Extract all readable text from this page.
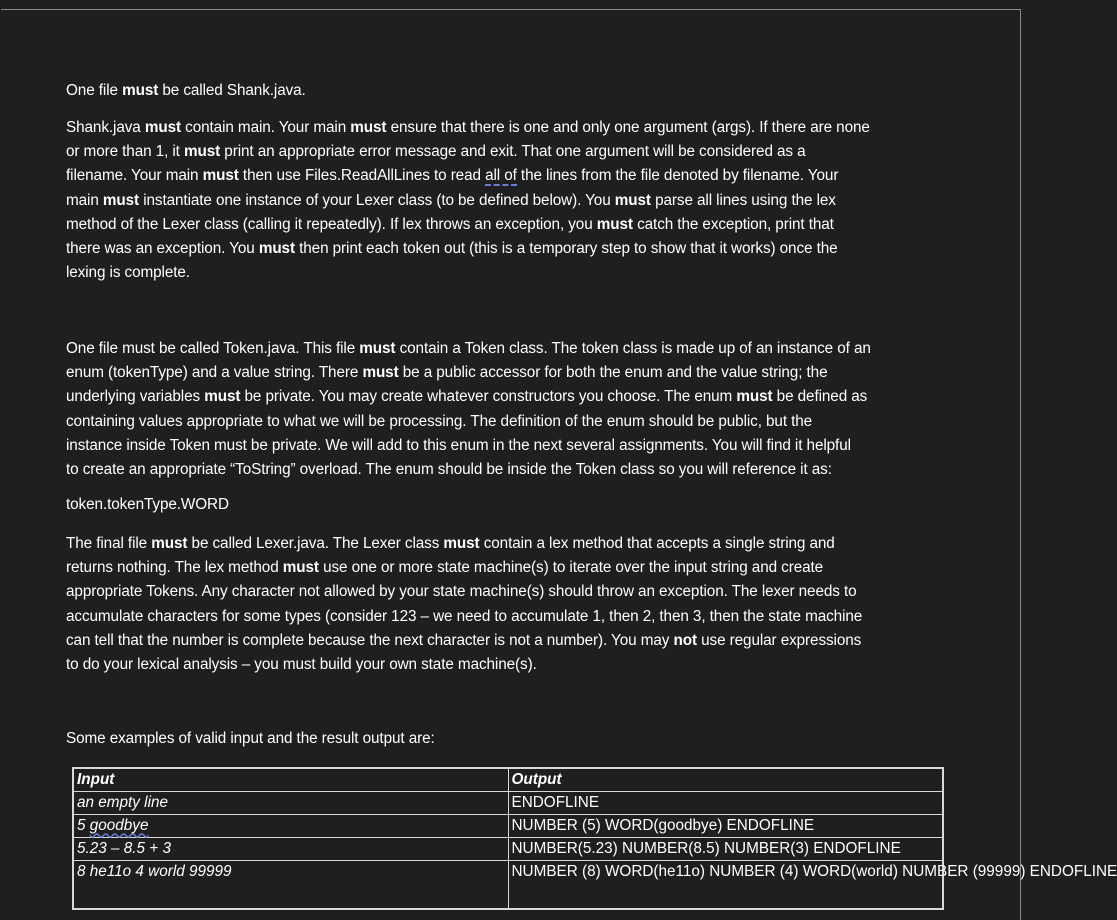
One file must be called Shank.java.
Shank.java must contain main. Your main must ensure that there is one and only one argument (args). If there are none
or more than 1, it must print an appropriate error message and exit. That one argument will be considered as a
filename. Your main must then use Files.ReadAllLines to read all of the lines from the file denoted by filename. Your
main must instantiate one instance of your Lexer class (to be defined below). You must parse all lines using the lex
method of the Lexer class (calling it repeatedly). If lex throws an exception, you must catch the exception, print that
there was an exception. You must then print each token out (this is a temporary step to show that it works) once the
lexing is complete.
One file must be called Token.java. This file must contain a Token class. The token class is made up of an instance of an
enum (tokenType) and a value string. There must be a public accessor for both the enum and the value string; the
underlying variables must be private. You may create whatever constructors you choose. The enum must be defined as
containing values appropriate to what we will be processing. The definition of the enum should be public, but the
instance inside Token must be private. We will add to this enum in the next several assignments. You will find it helpful
to create an appropriate “ToString” overload. The enum should be inside the Token class so you will reference it as:
token.tokenType.WORD
The final file must be called Lexer.java. The Lexer class must contain a lex method that accepts a single string and
returns nothing. The lex method must use one or more state machine(s) to iterate over the input string and create
appropriate Tokens. Any character not allowed by your state machine(s) should throw an exception. The lexer needs to
accumulate characters for some types (consider 123 – we need to accumulate 1, then 2, then 3, then the state machine
can tell that the number is complete because the next character is not a number). You may not use regular expressions
to do your lexical analysis – you must build your own state machine(s).
Some examples of valid input and the result output are:
Input	Output
an empty line	ENDOFLINE
5 goodbye	NUMBER (5) WORD(goodbye) ENDOFLINE
5.23 – 8.5 + 3	NUMBER(5.23) NUMBER(8.5) NUMBER(3) ENDOFLINE
8 he11o 4 world 99999	NUMBER (8) WORD(he11o) NUMBER (4) WORD(world) NUMBER (99999) ENDOFLINE
